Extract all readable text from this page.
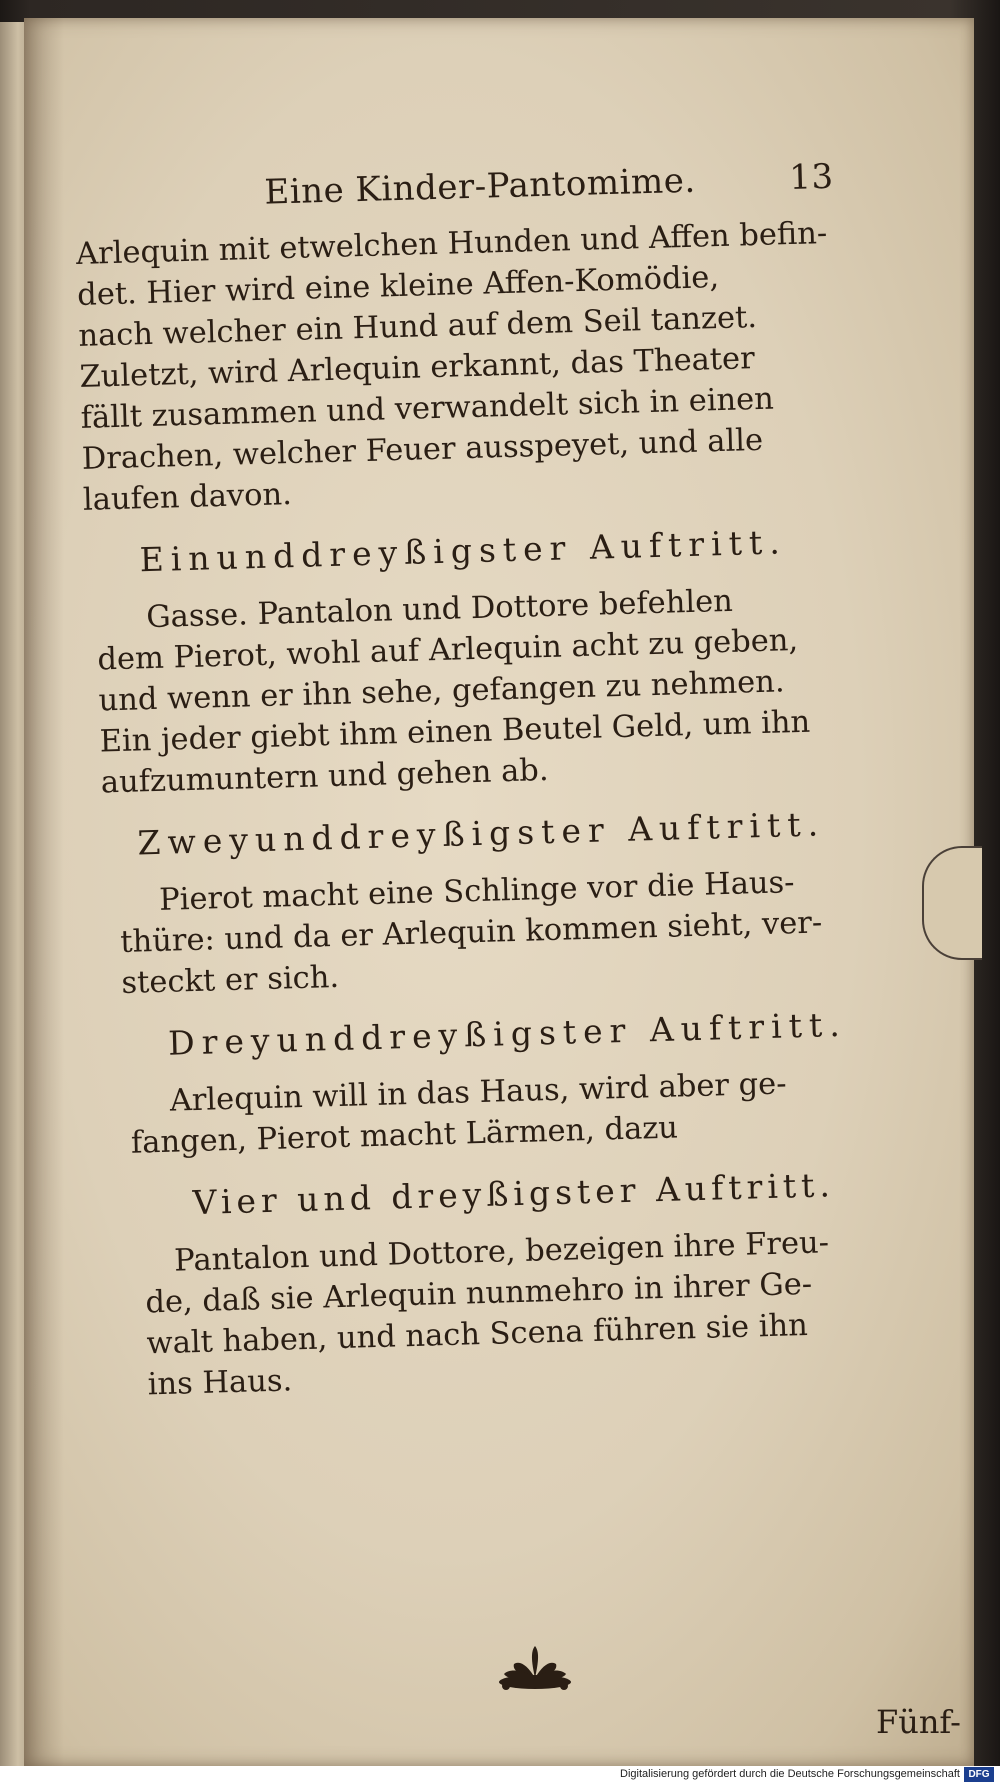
Eine Kinder-Pantomime.	13

Arlequin mit etwelchen Hunden und Affen befin-
det. Hier wird eine kleine Affen-Komödie,
nach welcher ein Hund auf dem Seil tanzet.
Zuletzt, wird Arlequin erkannt, das Theater
fällt zusammen und verwandelt sich in einen
Drachen, welcher Feuer ausspeyet, und alle
laufen davon.

Einunddreyßigster Auftritt.

Gasse. Pantalon und Dottore befehlen
dem Pierot, wohl auf Arlequin acht zu geben,
und wenn er ihn sehe, gefangen zu nehmen.
Ein jeder giebt ihm einen Beutel Geld, um ihn
aufzumuntern und gehen ab.

Zweyunddreyßigster Auftritt.

Pierot macht eine Schlinge vor die Haus-
thüre: und da er Arlequin kommen sieht, ver-
steckt er sich.

Dreyunddreyßigster Auftritt.

Arlequin will in das Haus, wird aber ge-
fangen, Pierot macht Lärmen, dazu

Vier und dreyßigster Auftritt.

Pantalon und Dottore, bezeigen ihre Freu-
de, daß sie Arlequin nunmehro in ihrer Ge-
walt haben, und nach Scena führen sie ihn
ins Haus.

Fünf-
Digitalisierung gefördert durch die Deutsche Forschungsgemeinschaft DFG
